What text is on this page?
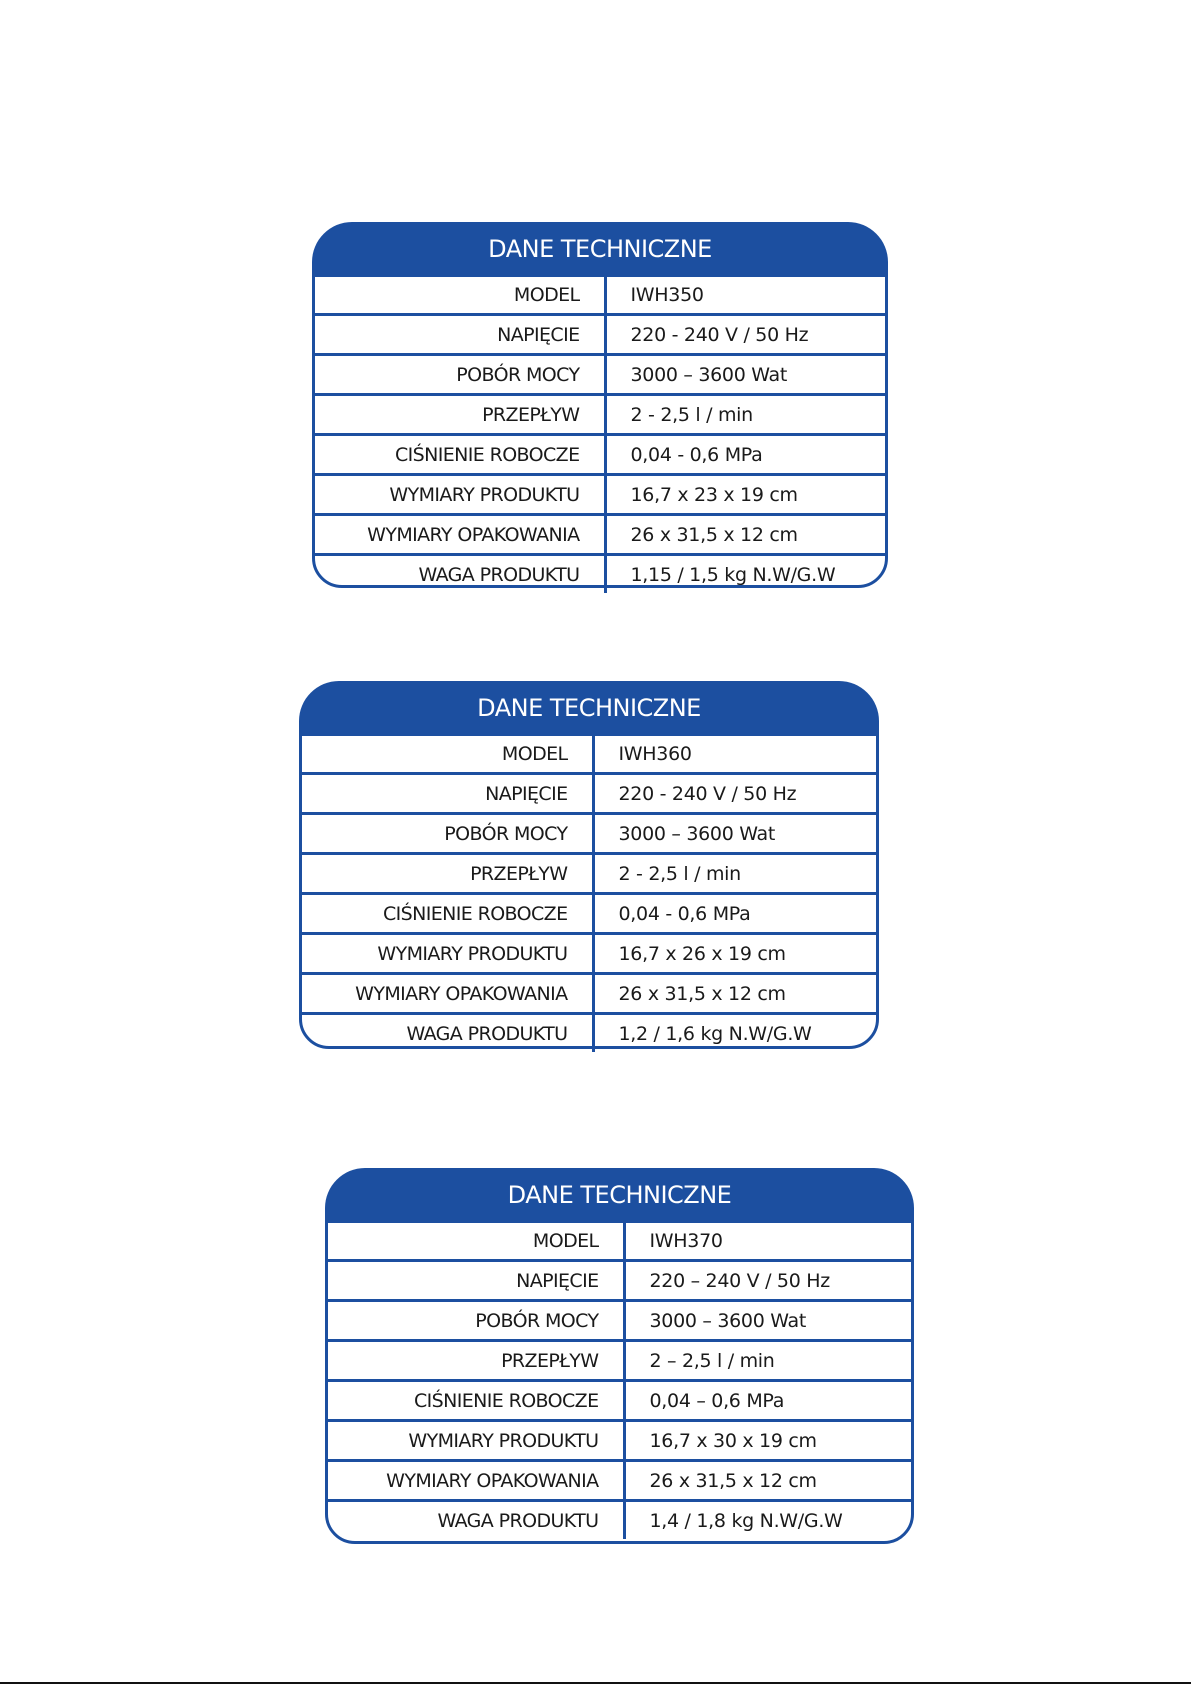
DANE TECHNICZNE
MODEL	IWH350
NAPIĘCIE	220 - 240 V / 50 Hz
POBÓR MOCY	3000 – 3600 Wat
PRZEPŁYW	2 - 2,5 l / min
CIŚNIENIE ROBOCZE	0,04 - 0,6 MPa
WYMIARY PRODUKTU	16,7 x 23 x 19 cm
WYMIARY OPAKOWANIA	26 x 31,5 x 12 cm
WAGA PRODUKTU	1,15 / 1,5 kg N.W/G.W
DANE TECHNICZNE
MODEL	IWH360
NAPIĘCIE	220 - 240 V / 50 Hz
POBÓR MOCY	3000 – 3600 Wat
PRZEPŁYW	2 - 2,5 l / min
CIŚNIENIE ROBOCZE	0,04 - 0,6 MPa
WYMIARY PRODUKTU	16,7 x 26 x 19 cm
WYMIARY OPAKOWANIA	26 x 31,5 x 12 cm
WAGA PRODUKTU	1,2 / 1,6 kg N.W/G.W
DANE TECHNICZNE
MODEL	IWH370
NAPIĘCIE	220 – 240 V / 50 Hz
POBÓR MOCY	3000 – 3600 Wat
PRZEPŁYW	2 – 2,5 l / min
CIŚNIENIE ROBOCZE	0,04 – 0,6 MPa
WYMIARY PRODUKTU	16,7 x 30 x 19 cm
WYMIARY OPAKOWANIA	26 x 31,5 x 12 cm
WAGA PRODUKTU	1,4 / 1,8 kg N.W/G.W
